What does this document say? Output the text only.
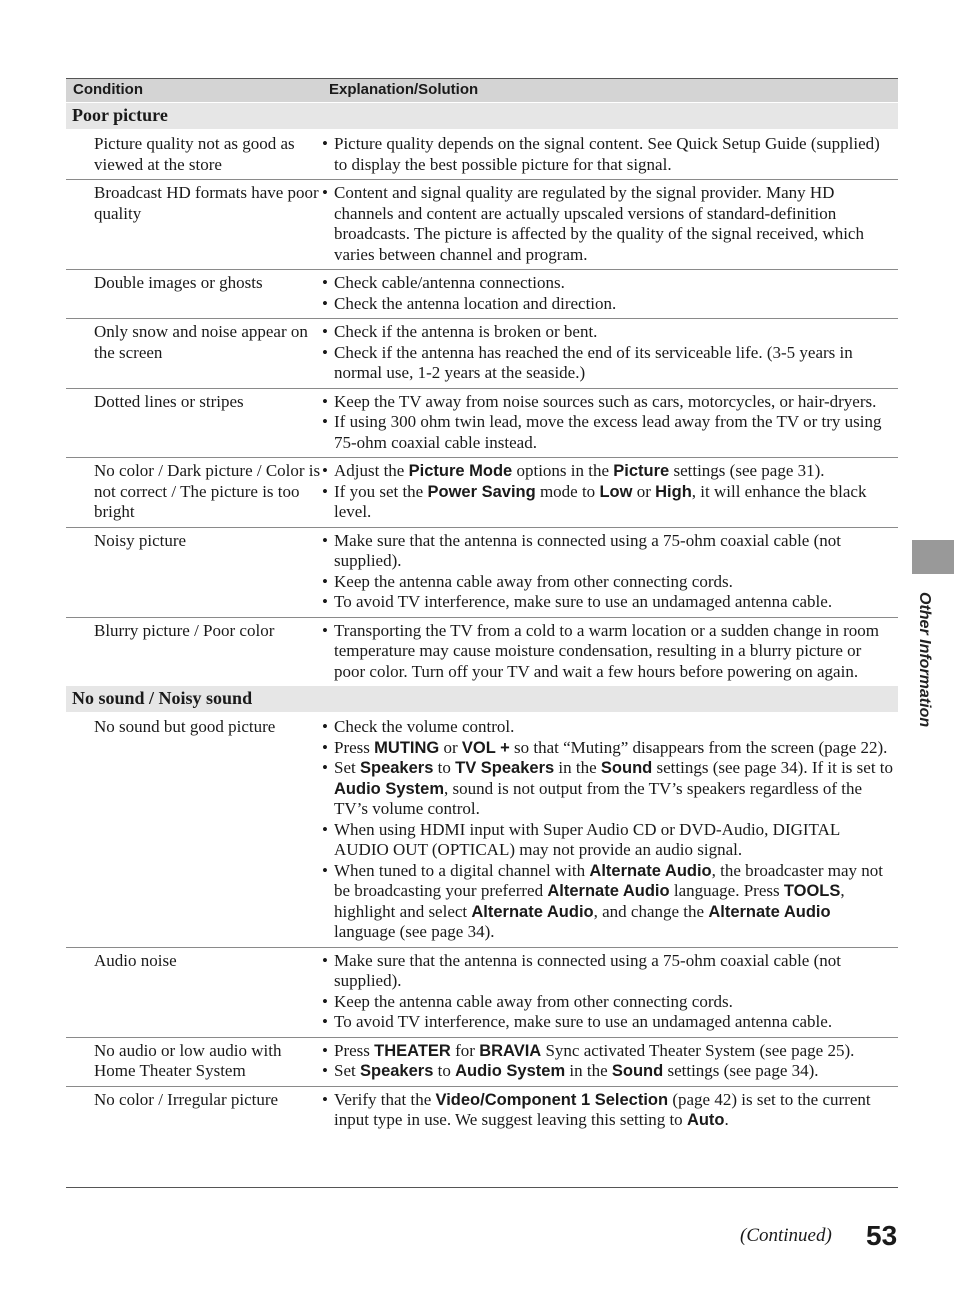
Condition	Explanation/Solution
Poor picture
Picture quality not as good as viewed at the store
• Picture quality depends on the signal content. See Quick Setup Guide (supplied) to display the best possible picture for that signal.
Broadcast HD formats have poor quality
• Content and signal quality are regulated by the signal provider. Many HD channels and content are actually upscaled versions of standard-definition broadcasts. The picture is affected by the quality of the signal received, which varies between channel and program.
Double images or ghosts	• Check cable/antenna connections.
• Check the antenna location and direction.
Only snow and noise appear on the screen
• Check if the antenna is broken or bent.
• Check if the antenna has reached the end of its serviceable life. (3-5 years in normal use, 1-2 years at the seaside.)
Dotted lines or stripes	• Keep the TV away from noise sources such as cars, motorcycles, or hair-dryers.
• If using 300 ohm twin lead, move the excess lead away from the TV or try using 75-ohm coaxial cable instead.
No color / Dark picture / Color is not correct / The picture is too bright
• Adjust the Picture Mode options in the Picture settings (see page 31).
• If you set the Power Saving mode to Low or High, it will enhance the black level.
Noisy picture	• Make sure that the antenna is connected using a 75-ohm coaxial cable (not supplied).
• Keep the antenna cable away from other connecting cords.
• To avoid TV interference, make sure to use an undamaged antenna cable.
Blurry picture / Poor color	• Transporting the TV from a cold to a warm location or a sudden change in room temperature may cause moisture condensation, resulting in a blurry picture or poor color. Turn off your TV and wait a few hours before powering on again.
No sound / Noisy sound
No sound but good picture	• Check the volume control.
• Press MUTING or VOL + so that “Muting” disappears from the screen (page 22).
• Set Speakers to TV Speakers in the Sound settings (see page 34). If it is set to Audio System, sound is not output from the TV’s speakers regardless of the TV’s volume control.
• When using HDMI input with Super Audio CD or DVD-Audio, DIGITAL AUDIO OUT (OPTICAL) may not provide an audio signal.
• When tuned to a digital channel with Alternate Audio, the broadcaster may not be broadcasting your preferred Alternate Audio language. Press TOOLS, highlight and select Alternate Audio, and change the Alternate Audio language (see page 34).
Audio noise	• Make sure that the antenna is connected using a 75-ohm coaxial cable (not supplied).
• Keep the antenna cable away from other connecting cords.
• To avoid TV interference, make sure to use an undamaged antenna cable.
No audio or low audio with Home Theater System
• Press THEATER for BRAVIA Sync activated Theater System (see page 25).
• Set Speakers to Audio System in the Sound settings (see page 34).
No color / Irregular picture	• Verify that the Video/Component 1 Selection (page 42) is set to the current input type in use. We suggest leaving this setting to Auto.
Other Information
(Continued) 53
